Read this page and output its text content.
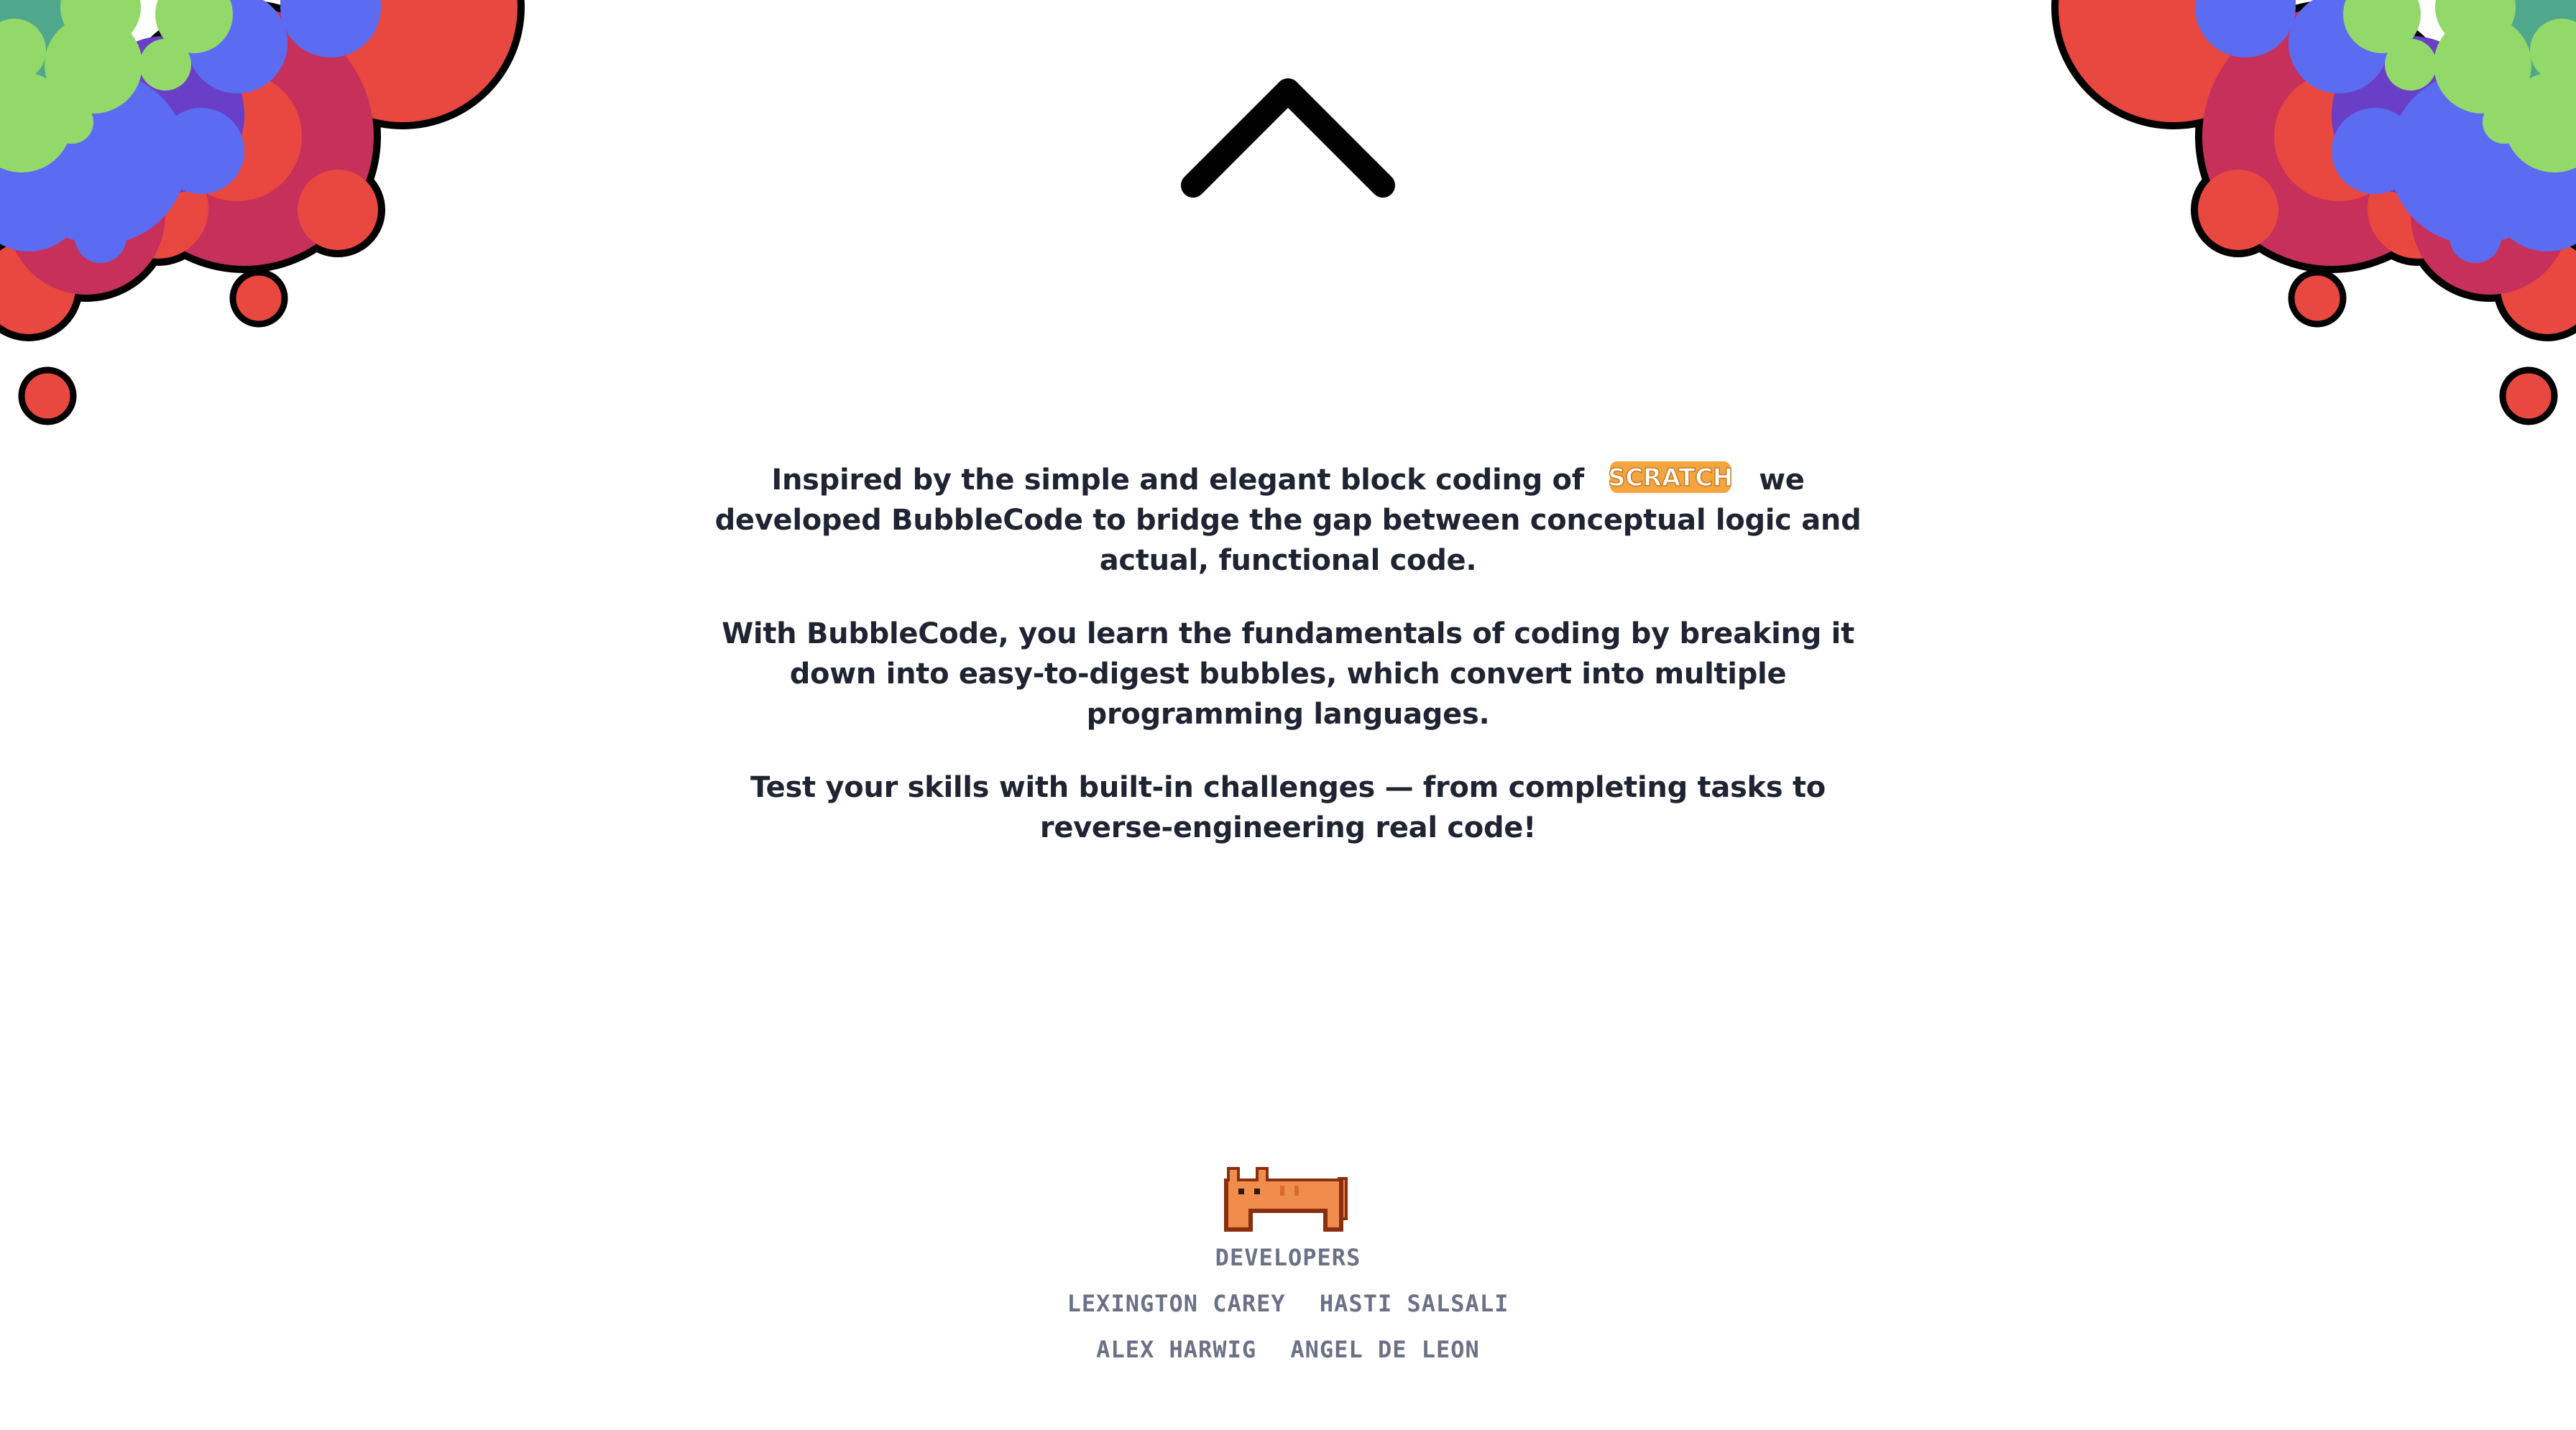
Inspired by the simple and elegant block coding of SCRATCH we developed BubbleCode to bridge the gap between conceptual logic and actual, functional code.

With BubbleCode, you learn the fundamentals of coding by breaking it down into easy-to-digest bubbles, which convert into multiple programming languages.

Test your skills with built-in challenges — from completing tasks to reverse-engineering real code!

DEVELOPERS
LEXINGTON CAREY HASTI SALSALI
ALEX HARWIG ANGEL DE LEON
